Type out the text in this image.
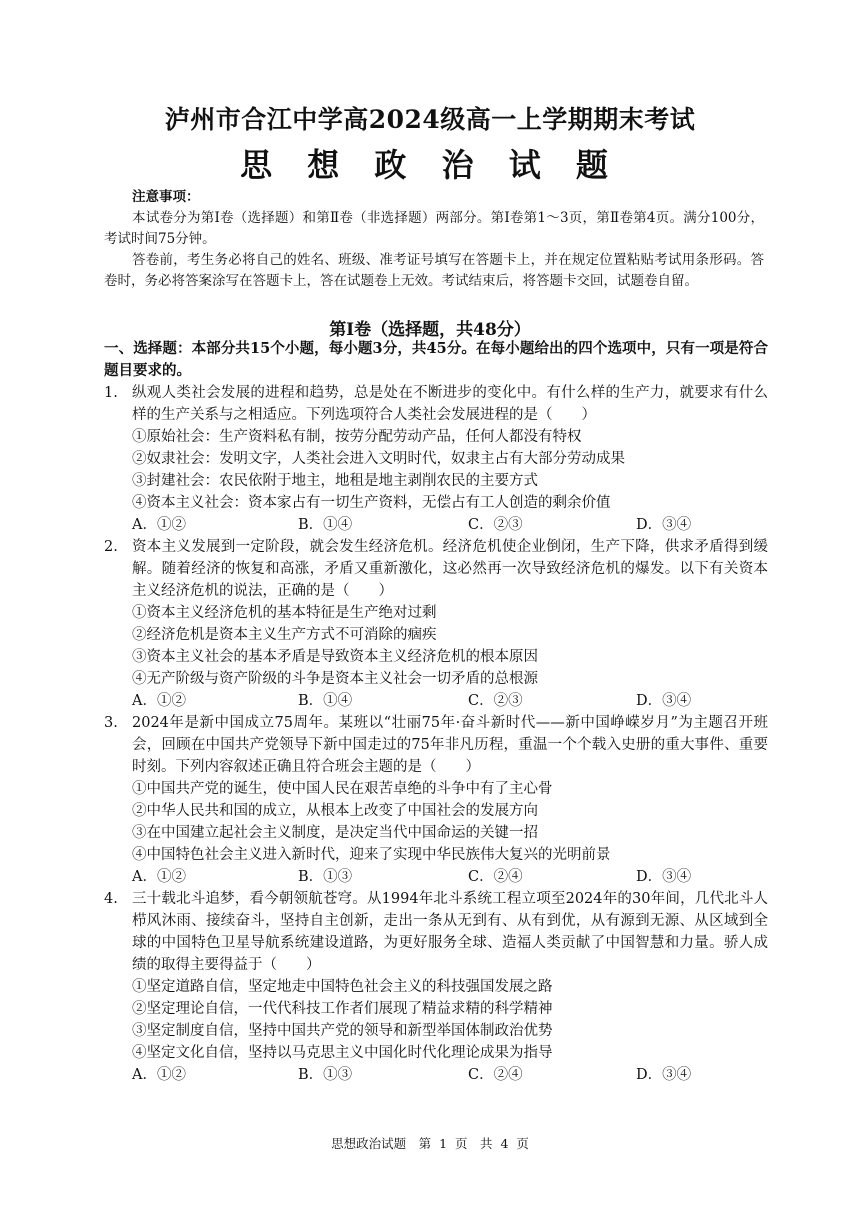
泸州市合江中学高2024级高一上学期期末考试
思 想 政 治 试 题
注意事项：

本试卷分为第Ⅰ卷（选择题）和第Ⅱ卷（非选择题）两部分。第Ⅰ卷第1～3页，第Ⅱ卷第4页。满分100分，考试时间75分钟。

答卷前，考生务必将自己的姓名、班级、准考证号填写在答题卡上，并在规定位置粘贴考试用条形码。答卷时，务必将答案涂写在答题卡上，答在试题卷上无效。考试结束后，将答题卡交回，试题卷自留。

第Ⅰ卷（选择题，共48分）
一、选择题：本部分共15个小题，每小题3分，共45分。在每小题给出的四个选项中，只有一项是符合题目要求的。
1. 纵观人类社会发展的进程和趋势，总是处在不断进步的变化中。有什么样的生产力，就要求有什么样的生产关系与之相适应。下列选项符合人类社会发展进程的是（　　）
①原始社会：生产资料私有制，按劳分配劳动产品，任何人都没有特权
②奴隶社会：发明文字，人类社会进入文明时代，奴隶主占有大部分劳动成果
③封建社会：农民依附于地主，地租是地主剥削农民的主要方式
④资本主义社会：资本家占有一切生产资料，无偿占有工人创造的剩余价值
A．①②	B．①④	C．②③	D．③④
2. 资本主义发展到一定阶段，就会发生经济危机。经济危机使企业倒闭，生产下降，供求矛盾得到缓解。随着经济的恢复和高涨，矛盾又重新激化，这必然再一次导致经济危机的爆发。以下有关资本主义经济危机的说法，正确的是（　　）
①资本主义经济危机的基本特征是生产绝对过剩
②经济危机是资本主义生产方式不可消除的痼疾
③资本主义社会的基本矛盾是导致资本主义经济危机的根本原因
④无产阶级与资产阶级的斗争是资本主义社会一切矛盾的总根源
A．①②	B．①④	C．②③	D．③④
3. 2024年是新中国成立75周年。某班以“壮丽75年·奋斗新时代——新中国峥嵘岁月”为主题召开班会，回顾在中国共产党领导下新中国走过的75年非凡历程，重温一个个载入史册的重大事件、重要时刻。下列内容叙述正确且符合班会主题的是（　　）
①中国共产党的诞生，使中国人民在艰苦卓绝的斗争中有了主心骨
②中华人民共和国的成立，从根本上改变了中国社会的发展方向
③在中国建立起社会主义制度，是决定当代中国命运的关键一招
④中国特色社会主义进入新时代，迎来了实现中华民族伟大复兴的光明前景
A．①②	B．①③	C．②④	D．③④
4. 三十载北斗追梦，看今朝领航苍穹。从1994年北斗系统工程立项至2024年的30年间，几代北斗人栉风沐雨、接续奋斗，坚持自主创新，走出一条从无到有、从有到优，从有源到无源、从区域到全球的中国特色卫星导航系统建设道路，为更好服务全球、造福人类贡献了中国智慧和力量。骄人成绩的取得主要得益于（　　）
①坚定道路自信，坚定地走中国特色社会主义的科技强国发展之路
②坚定理论自信，一代代科技工作者们展现了精益求精的科学精神
③坚定制度自信，坚持中国共产党的领导和新型举国体制政治优势
④坚定文化自信，坚持以马克思主义中国化时代化理论成果为指导
A．①②	B．①③	C．②④	D．③④
思想政治试题　第 1 页　共 4 页
